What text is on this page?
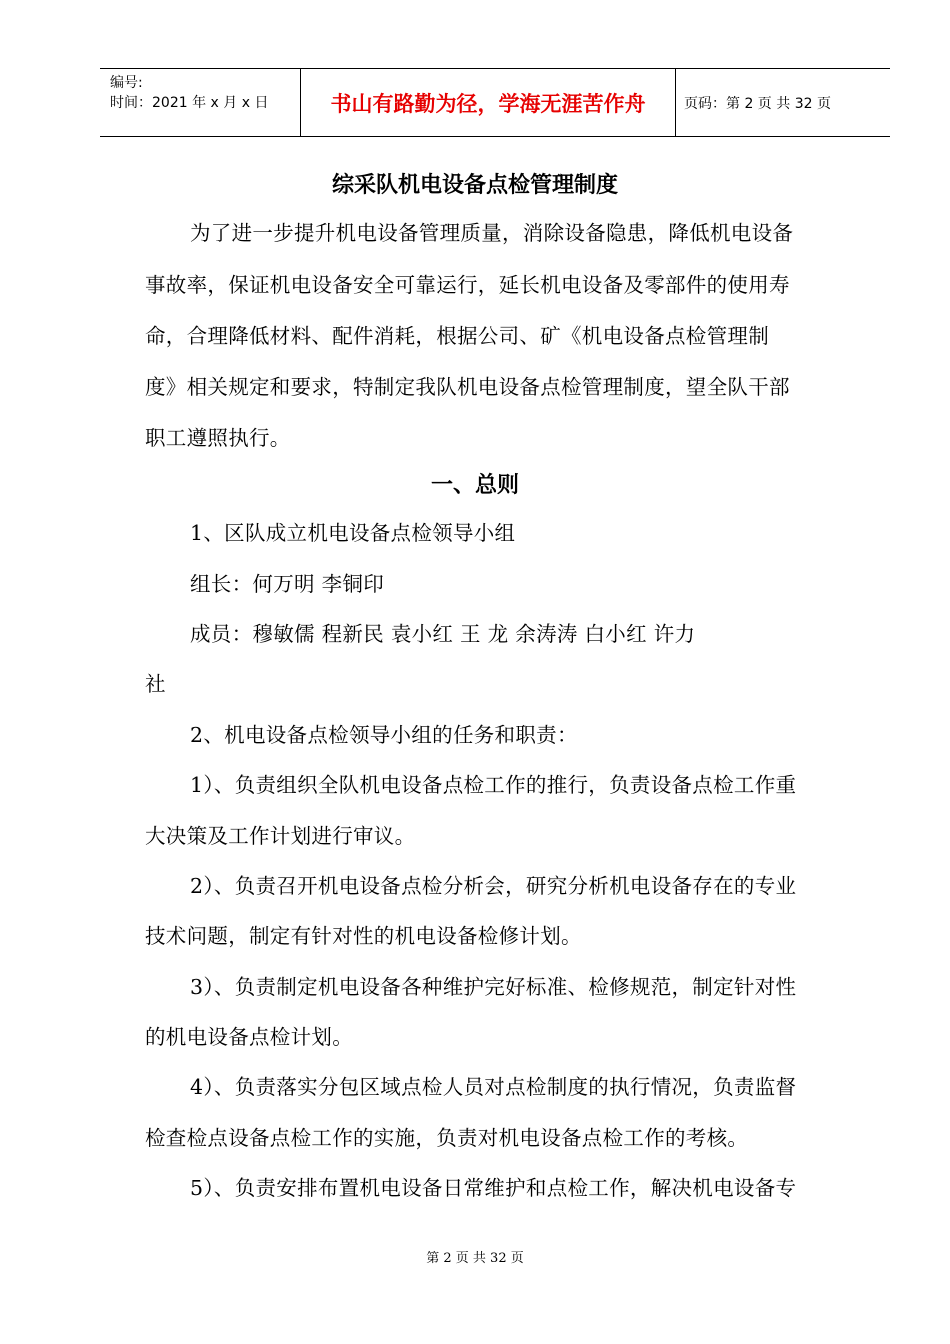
编号:
时间：2021 年 x 月 x 日	书山有路勤为径，学海无涯苦作舟	页码：第 2 页 共 32 页
综采队机电设备点检管理制度
为了进一步提升机电设备管理质量，消除设备隐患，降低机电设备
事故率，保证机电设备安全可靠运行，延长机电设备及零部件的使用寿
命，合理降低材料、配件消耗，根据公司、矿《机电设备点检管理制
度》相关规定和要求，特制定我队机电设备点检管理制度，望全队干部
职工遵照执行。
一、总则
1、区队成立机电设备点检领导小组
组长：何万明 李铜印
成员：穆敏儒 程新民 袁小红 王 龙 余涛涛 白小红 许力
社
2、机电设备点检领导小组的任务和职责：
1）、负责组织全队机电设备点检工作的推行，负责设备点检工作重
大决策及工作计划进行审议。
2）、负责召开机电设备点检分析会，研究分析机电设备存在的专业
技术问题，制定有针对性的机电设备检修计划。
3）、负责制定机电设备各种维护完好标准、检修规范，制定针对性
的机电设备点检计划。
4）、负责落实分包区域点检人员对点检制度的执行情况，负责监督
检查检点设备点检工作的实施，负责对机电设备点检工作的考核。
5）、负责安排布置机电设备日常维护和点检工作，解决机电设备专
第 2 页 共 32 页
